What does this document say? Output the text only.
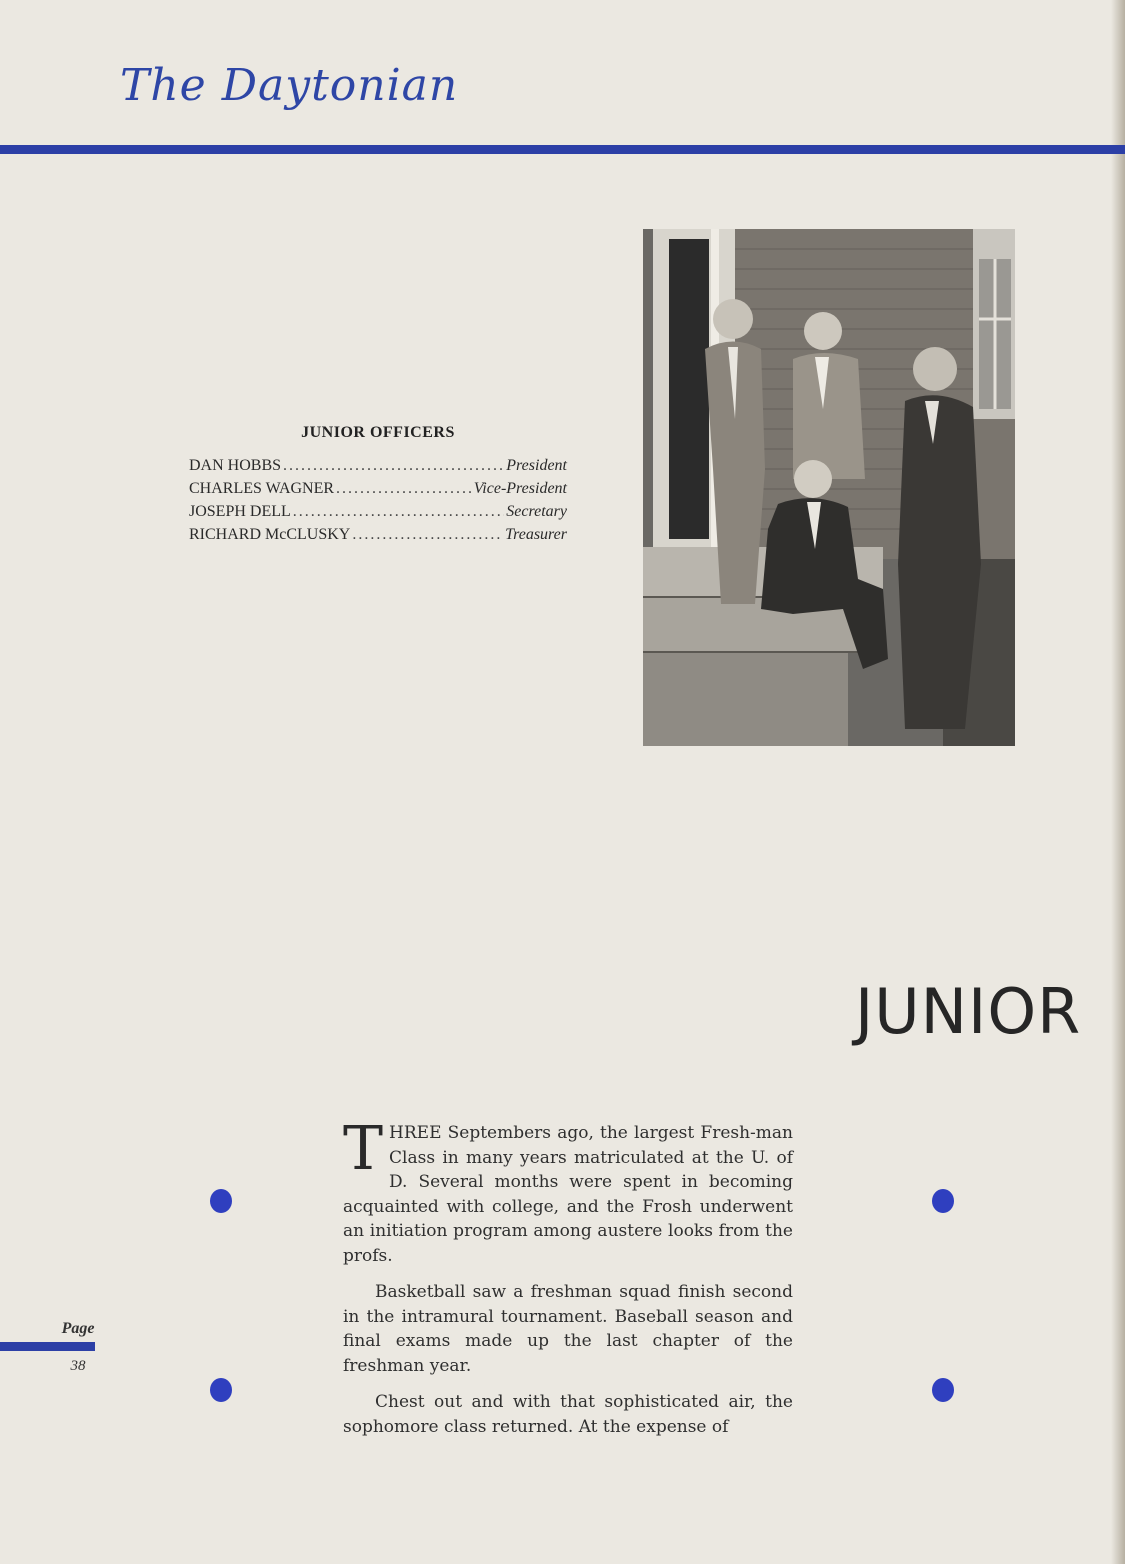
The Daytonian
JUNIOR OFFICERS
DAN HOBBS .....	President
CHARLES WAGNER .....	Vice-President
JOSEPH DELL .....	Secretary
RICHARD McCLUSKY .....	Treasurer
JUNIOR

THREE Septembers ago, the largest Fresh-man Class in many years matriculated at the U. of D. Several months were spent in becoming acquainted with college, and the Frosh underwent an initiation program among austere looks from the profs.

Basketball saw a freshman squad finish second in the intramural tournament. Baseball season and final exams made up the last chapter of the freshman year.

Chest out and with that sophisticated air, the sophomore class returned. At the expense of

Page
38
